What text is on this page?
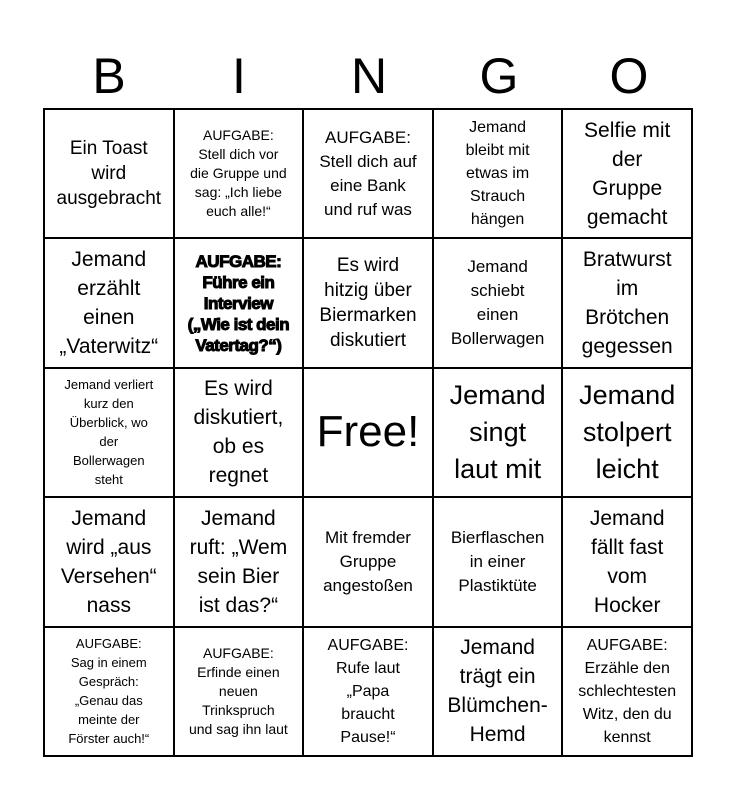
B	I	N	G	O
Ein Toast
wird
ausgebracht
AUFGABE:
Stell dich vor
die Gruppe und
sag: „Ich liebe
euch alle!“
AUFGABE:
Stell dich auf
eine Bank
und ruf was
Jemand
bleibt mit
etwas im
Strauch
hängen
Selfie mit
der
Gruppe
gemacht
Jemand
erzählt
einen
„Vaterwitz“
AUFGABE:
Führe ein
Interview
(„Wie ist dein
Vatertag?“)
Es wird
hitzig über
Biermarken
diskutiert
Jemand
schiebt
einen
Bollerwagen
Bratwurst
im
Brötchen
gegessen
Jemand verliert
kurz den
Überblick, wo
der
Bollerwagen
steht
Es wird
diskutiert,
ob es
regnet
Free!
Jemand
singt
laut mit
Jemand
stolpert
leicht
Jemand
wird „aus
Versehen“
nass
Jemand
ruft: „Wem
sein Bier
ist das?“
Mit fremder
Gruppe
angestoßen
Bierflaschen
in einer
Plastiktüte
Jemand
fällt fast
vom
Hocker
AUFGABE:
Sag in einem
Gespräch:
„Genau das
meinte der
Förster auch!“
AUFGABE:
Erfinde einen
neuen
Trinkspruch
und sag ihn laut
AUFGABE:
Rufe laut
„Papa
braucht
Pause!“
Jemand
trägt ein
Blümchen-
Hemd
AUFGABE:
Erzähle den
schlechtesten
Witz, den du
kennst
